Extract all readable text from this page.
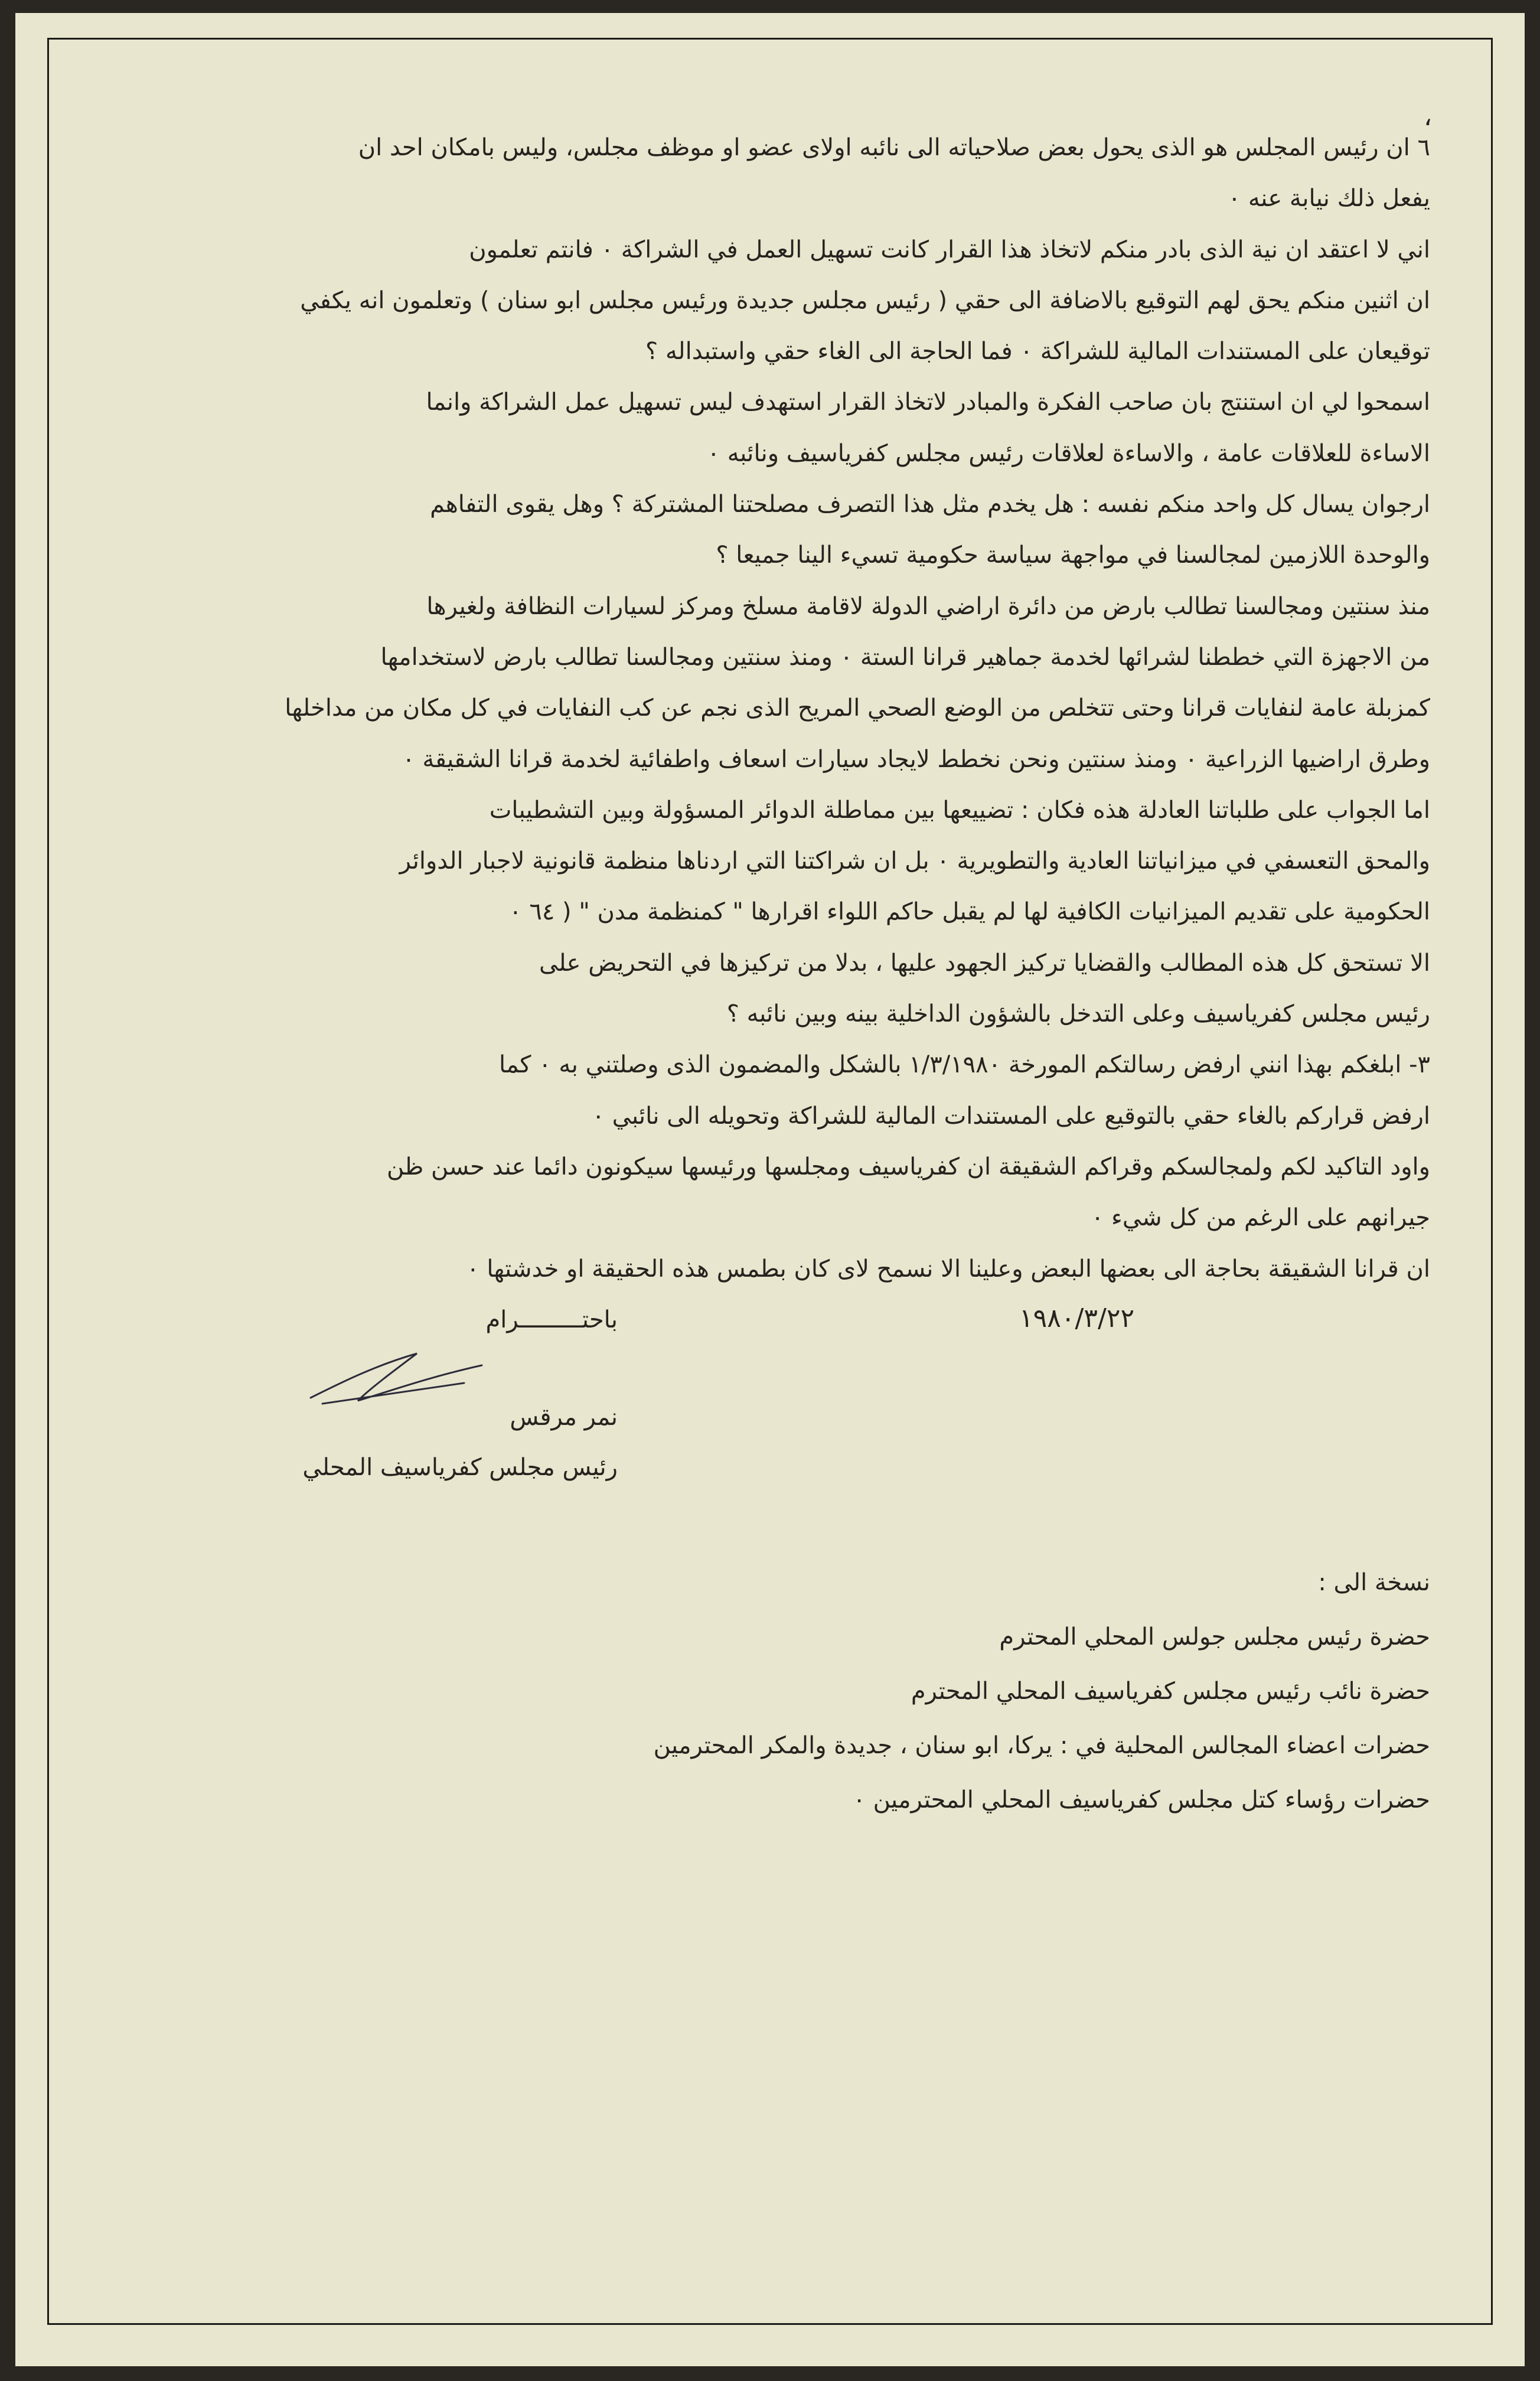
،
٦ ان رئيس المجلس هو الذى يحول بعض صلاحياته الى نائبه اولاى عضو او موظف مجلس، وليس بامكان احد ان
يفعل ذلك نيابة عنه ٠
اني لا اعتقد ان نية الذى بادر منكم لاتخاذ هذا القرار كانت تسهيل العمل في الشراكة ٠ فانتم تعلمون
ان اثنين منكم يحق لهم التوقيع بالاضافة الى حقي ( رئيس مجلس جديدة ورئيس مجلس ابو سنان ) وتعلمون انه يكفي
توقيعان على المستندات المالية للشراكة ٠ فما الحاجة الى الغاء حقي واستبداله ؟
اسمحوا لي ان استنتج بان صاحب الفكرة والمبادر لاتخاذ القرار استهدف ليس تسهيل عمل الشراكة وانما
الاساءة للعلاقات عامة ، والاساءة لعلاقات رئيس مجلس كفرياسيف ونائبه ٠
ارجوان يسال كل واحد منكم نفسه : هل يخدم مثل هذا التصرف مصلحتنا المشتركة ؟ وهل يقوى التفاهم
والوحدة اللازمين لمجالسنا في مواجهة سياسة حكومية تسيء الينا جميعا ؟
منذ سنتين ومجالسنا تطالب بارض من دائرة اراضي الدولة لاقامة مسلخ ومركز لسيارات النظافة ولغيرها
من الاجهزة التي خططنا لشرائها لخدمة جماهير قرانا الستة ٠ ومنذ سنتين ومجالسنا تطالب بارض لاستخدامها
كمزبلة عامة لنفايات قرانا وحتى تتخلص من الوضع الصحي المريح الذى نجم عن كب النفايات في كل مكان من مداخلها
وطرق اراضيها الزراعية ٠ ومنذ سنتين ونحن نخطط لايجاد سيارات اسعاف واطفائية لخدمة قرانا الشقيقة ٠
اما الجواب على طلباتنا العادلة هذه فكان : تضييعها بين مماطلة الدوائر المسؤولة وبين التشطيبات
والمحق التعسفي في ميزانياتنا العادية والتطويرية ٠ بل ان شراكتنا التي اردناها منظمة قانونية لاجبار الدوائر
الحكومية على تقديم الميزانيات الكافية لها لم يقبل حاكم اللواء اقرارها " كمنظمة مدن " ( ٦٤ ٠
الا تستحق كل هذه المطالب والقضايا تركيز الجهود عليها ، بدلا من تركيزها في التحريض على
رئيس مجلس كفرياسيف وعلى التدخل بالشؤون الداخلية بينه وبين نائبه ؟
٣- ابلغكم بهذا انني ارفض رسالتكم المورخة ١/٣/١٩٨٠ بالشكل والمضمون الذى وصلتني به ٠ كما
ارفض قراركم بالغاء حقي بالتوقيع على المستندات المالية للشراكة وتحويله الى نائبي ٠
واود التاكيد لكم ولمجالسكم وقراكم الشقيقة ان كفرياسيف ومجلسها ورئيسها سيكونون دائما عند حسن ظن
جيرانهم على الرغم من كل شيء ٠
ان قرانا الشقيقة بحاجة الى بعضها البعض وعلينا الا نسمح لاى كان بطمس هذه الحقيقة او خدشتها ٠
١٩٨٠/٣/٢٢
باحتـــــــــرام
نمر مرقس
رئيس مجلس كفرياسيف المحلي
نسخة الى :
حضرة رئيس مجلس جولس المحلي المحترم
حضرة نائب رئيس مجلس كفرياسيف المحلي المحترم
حضرات اعضاء المجالس المحلية في : يركا، ابو سنان ، جديدة والمكر المحترمين
حضرات رؤساء كتل مجلس كفرياسيف المحلي المحترمين ٠
